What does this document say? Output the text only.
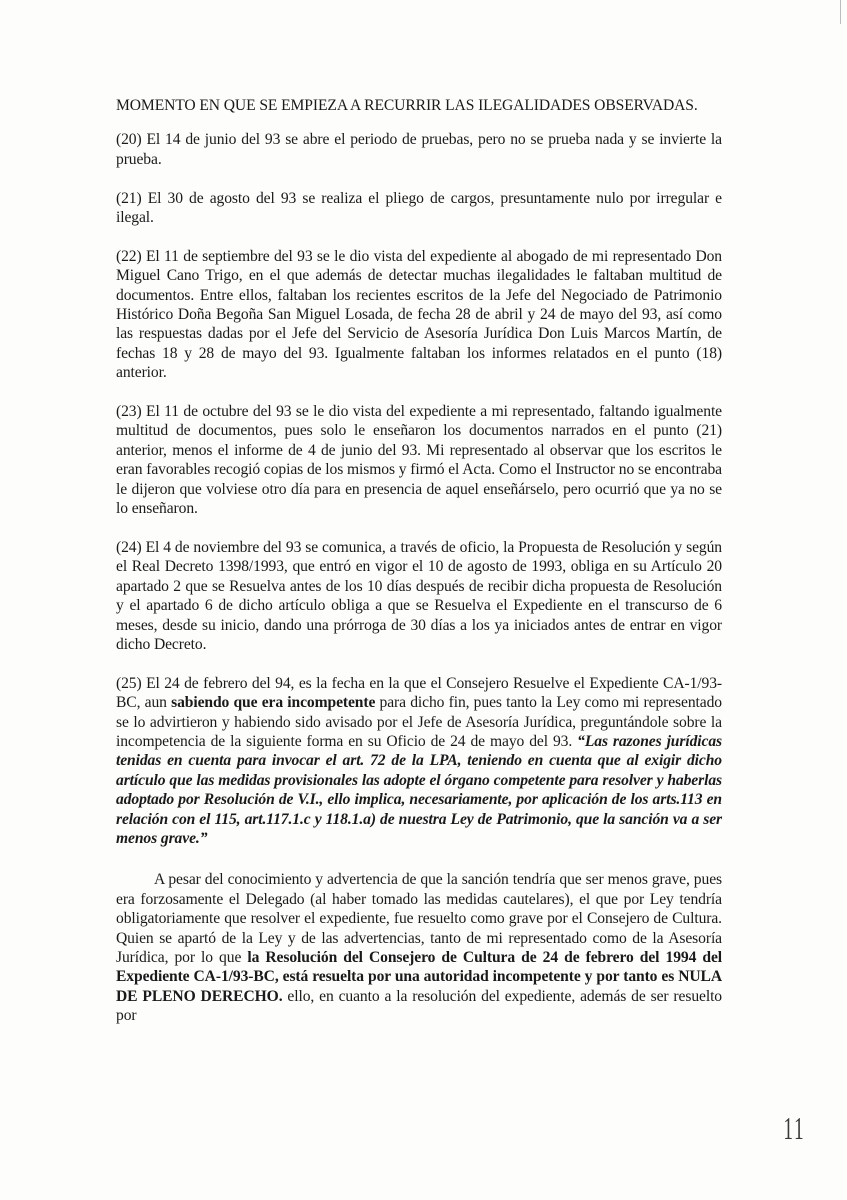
MOMENTO EN QUE SE EMPIEZA A RECURRIR LAS ILEGALIDADES OBSERVADAS.

(20) El 14 de junio del 93 se abre el periodo de pruebas, pero no se prueba nada y se invierte la prueba.

(21) El 30 de agosto del 93 se realiza el pliego de cargos, presuntamente nulo por irregular e ilegal.

(22) El 11 de septiembre del 93 se le dio vista del expediente al abogado de mi representado Don Miguel Cano Trigo, en el que además de detectar muchas ilegalidades le faltaban multitud de documentos. Entre ellos, faltaban los recientes escritos de la Jefe del Negociado de Patrimonio Histórico Doña Begoña San Miguel Losada, de fecha 28 de abril y 24 de mayo del 93, así como las respuestas dadas por el Jefe del Servicio de Asesoría Jurídica Don Luis Marcos Martín, de fechas 18 y 28 de mayo del 93. Igualmente faltaban los informes relatados en el punto (18) anterior.

(23) El 11 de octubre del 93 se le dio vista del expediente a mi representado, faltando igualmente multitud de documentos, pues solo le enseñaron los documentos narrados en el punto (21) anterior, menos el informe de 4 de junio del 93. Mi representado al observar que los escritos le eran favorables recogió copias de los mismos y firmó el Acta. Como el Instructor no se encontraba le dijeron que volviese otro día para en presencia de aquel enseñárselo, pero ocurrió que ya no se lo enseñaron.

(24) El 4 de noviembre del 93 se comunica, a través de oficio, la Propuesta de Resolución y según el Real Decreto 1398/1993, que entró en vigor el 10 de agosto de 1993, obliga en su Artículo 20 apartado 2 que se Resuelva antes de los 10 días después de recibir dicha propuesta de Resolución y el apartado 6 de dicho artículo obliga a que se Resuelva el Expediente en el transcurso de 6 meses, desde su inicio, dando una prórroga de 30 días a los ya iniciados antes de entrar en vigor dicho Decreto.

(25) El 24 de febrero del 94, es la fecha en la que el Consejero Resuelve el Expediente CA-1/93-BC, aun sabiendo que era incompetente para dicho fin, pues tanto la Ley como mi representado se lo advirtieron y habiendo sido avisado por el Jefe de Asesoría Jurídica, preguntándole sobre la incompetencia de la siguiente forma en su Oficio de 24 de mayo del 93. “Las razones jurídicas tenidas en cuenta para invocar el art. 72 de la LPA, teniendo en cuenta que al exigir dicho artículo que las medidas provisionales las adopte el órgano competente para resolver y haberlas adoptado por Resolución de V.I., ello implica, necesariamente, por aplicación de los arts.113 en relación con el 115, art.117.1.c y 118.1.a) de nuestra Ley de Patrimonio, que la sanción va a ser menos grave.”

A pesar del conocimiento y advertencia de que la sanción tendría que ser menos grave, pues era forzosamente el Delegado (al haber tomado las medidas cautelares), el que por Ley tendría obligatoriamente que resolver el expediente, fue resuelto como grave por el Consejero de Cultura. Quien se apartó de la Ley y de las advertencias, tanto de mi representado como de la Asesoría Jurídica, por lo que la Resolución del Consejero de Cultura de 24 de febrero del 1994 del Expediente CA-1/93-BC, está resuelta por una autoridad incompetente y por tanto es NULA DE PLENO DERECHO. ello, en cuanto a la resolución del expediente, además de ser resuelto por

11
